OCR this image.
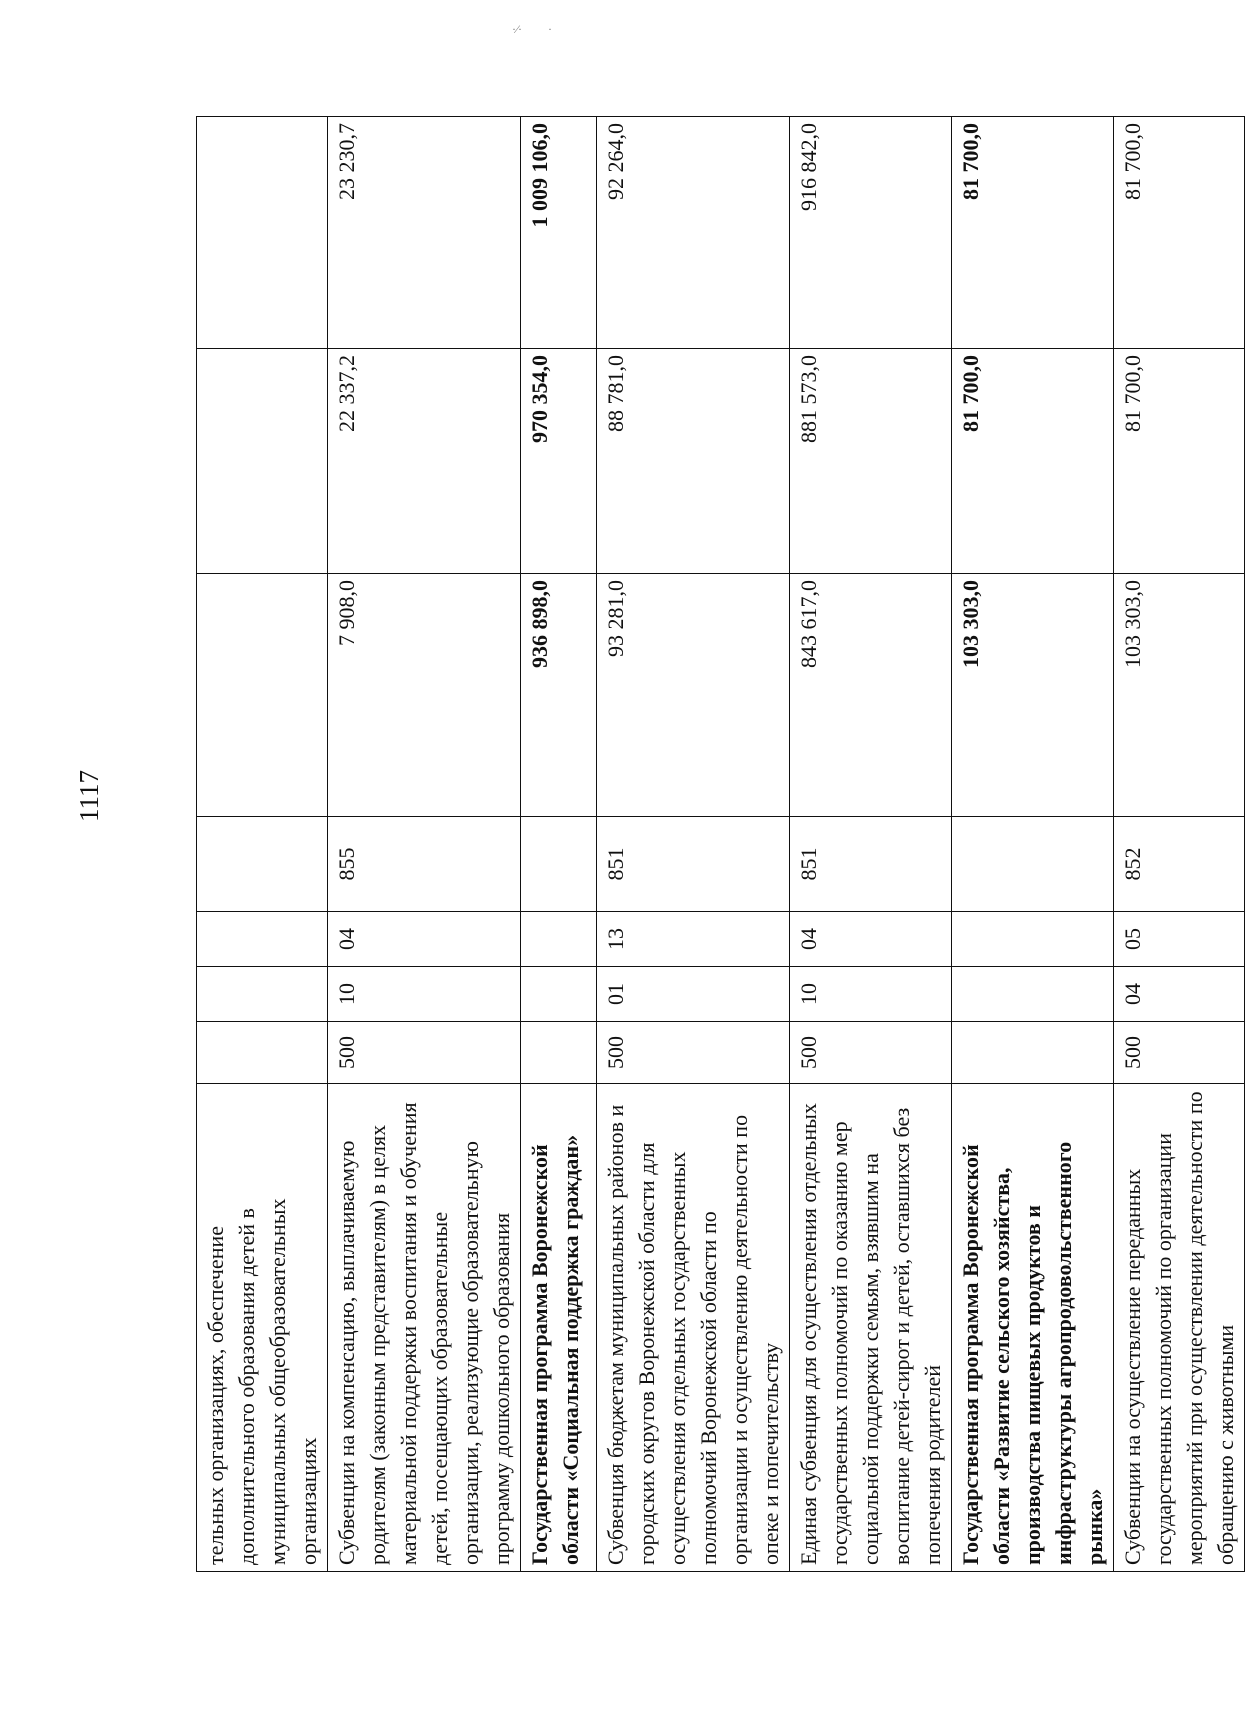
1117
·⁄· ·
тельных организациях, обеспечение дополнительного образования детей в муниципальных общеобразовательных организациях							
Субвенции на компенсацию, выплачиваемую родителям (законным представителям) в целях материальной поддержки воспитания и обучения детей, посещающих образовательные организации, реализующие образовательную программу дошкольного образования	500	10	04	855	7 908,0	22 337,2	23 230,7
Государственная программа Воронежской области «Социальная поддержка граждан»					936 898,0	970 354,0	1 009 106,0
Субвенция бюджетам муниципальных районов и городских округов Воронежской области для осуществления отдельных государственных полномочий Воронежской области по организации и осуществлению деятельности по опеке и попечительству	500	01	13	851	93 281,0	88 781,0	92 264,0
Единая субвенция для осуществления отдельных государственных полномочий по оказанию мер социальной поддержки семьям, взявшим на воспитание детей-сирот и детей, оставшихся без попечения родителей	500	10	04	851	843 617,0	881 573,0	916 842,0
Государственная программа Воронежской области «Развитие сельского хозяйства, производства пищевых продуктов и инфраструктуры агропродовольственного рынка»					103 303,0	81 700,0	81 700,0
Субвенции на осуществление переданных государственных полномочий по организации мероприятий при осуществлении деятельности по обращению с животными	500	04	05	852	103 303,0	81 700,0	81 700,0
